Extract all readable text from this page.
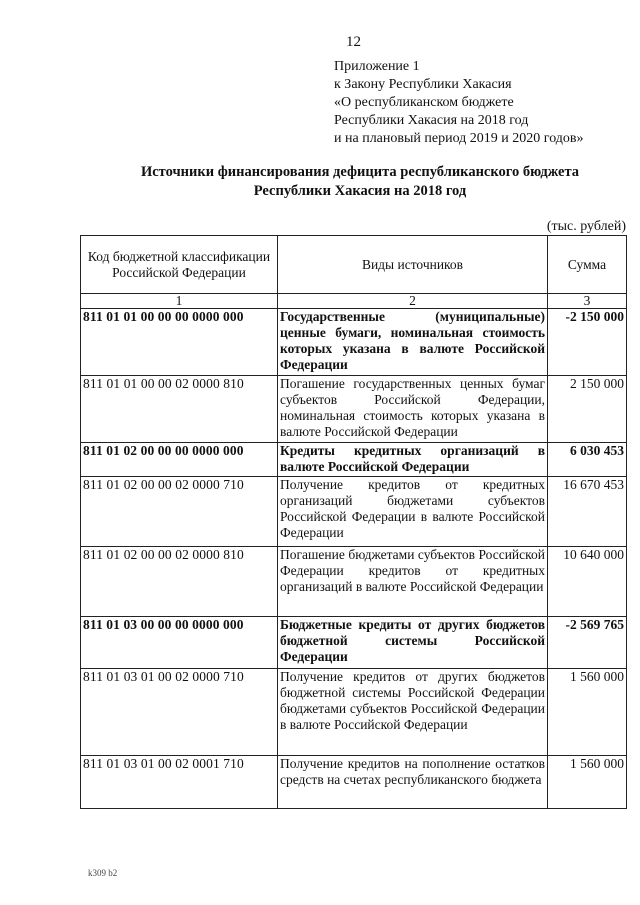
12
Приложение 1
к Закону Республики Хакасия
«О республиканском бюджете
Республики Хакасия на 2018 год
и на плановый период 2019 и 2020 годов»
Источники финансирования дефицита республиканского бюджета
Республики Хакасия на 2018 год
(тыс. рублей)
Код бюджетной классификации Российской Федерации	Виды источников	Сумма
1	2	3
811 01 01 00 00 00 0000 000	Государственные (муниципальные) ценные бумаги, номинальная стоимость которых указана в валюте Российской Федерации	-2 150 000
811 01 01 00 00 02 0000 810	Погашение государственных ценных бумаг субъектов Российской Федерации, номинальная стоимость которых указана в валюте Российской Федерации	2 150 000
811 01 02 00 00 00 0000 000	Кредиты кредитных организаций в валюте Российской Федерации	6 030 453
811 01 02 00 00 02 0000 710	Получение кредитов от кредитных организаций бюджетами субъектов Российской Федерации в валюте Российской Федерации	16 670 453
811 01 02 00 00 02 0000 810	Погашение бюджетами субъектов Российской Федерации кредитов от кредитных организаций в валюте Российской Федерации	10 640 000
811 01 03 00 00 00 0000 000	Бюджетные кредиты от других бюджетов бюджетной системы Российской Федерации	-2 569 765
811 01 03 01 00 02 0000 710	Получение кредитов от других бюджетов бюджетной системы Российской Федерации бюджетами субъектов Российской Федерации в валюте Российской Федерации	1 560 000
811 01 03 01 00 02 0001 710	Получение кредитов на пополнение остатков средств на счетах республиканского бюджета	1 560 000
k309 b2
